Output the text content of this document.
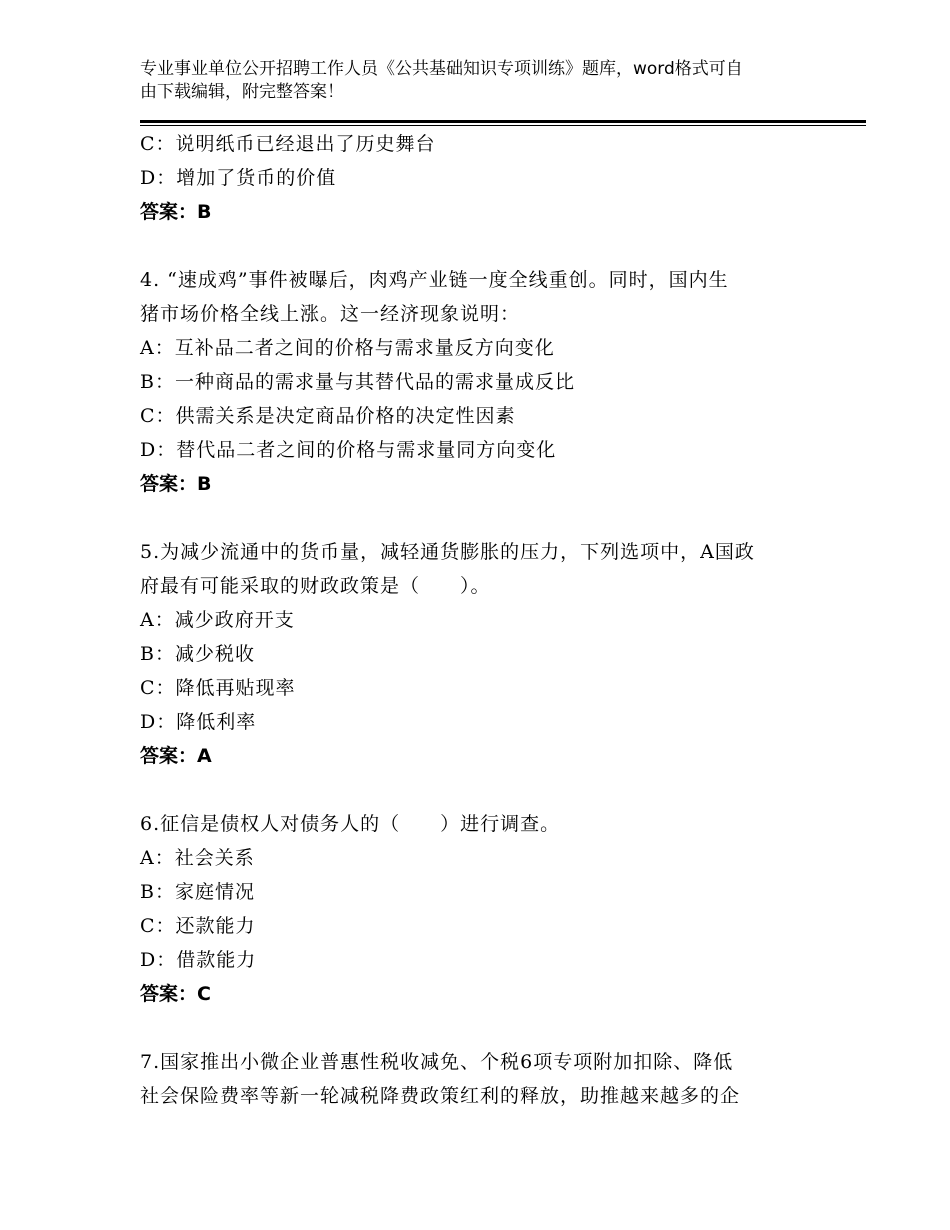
专业事业单位公开招聘工作人员《公共基础知识专项训练》题库，word格式可自
由下载编辑，附完整答案！
C：说明纸币已经退出了历史舞台
D：增加了货币的价值
答案：B
4. “速成鸡”事件被曝后，肉鸡产业链一度全线重创。同时，国内生
猪市场价格全线上涨。这一经济现象说明：
A：互补品二者之间的价格与需求量反方向变化
B：一种商品的需求量与其替代品的需求量成反比
C：供需关系是决定商品价格的决定性因素
D：替代品二者之间的价格与需求量同方向变化
答案：B
5.为减少流通中的货币量，减轻通货膨胀的压力，下列选项中，A国政
府最有可能采取的财政政策是（　　）。
A：减少政府开支
B：减少税收
C：降低再贴现率
D：降低利率
答案：A
6.征信是债权人对债务人的（　　）进行调查。
A：社会关系
B：家庭情况
C：还款能力
D：借款能力
答案：C
7.国家推出小微企业普惠性税收减免、个税6项专项附加扣除、降低
社会保险费率等新一轮减税降费政策红利的释放，助推越来越多的企
